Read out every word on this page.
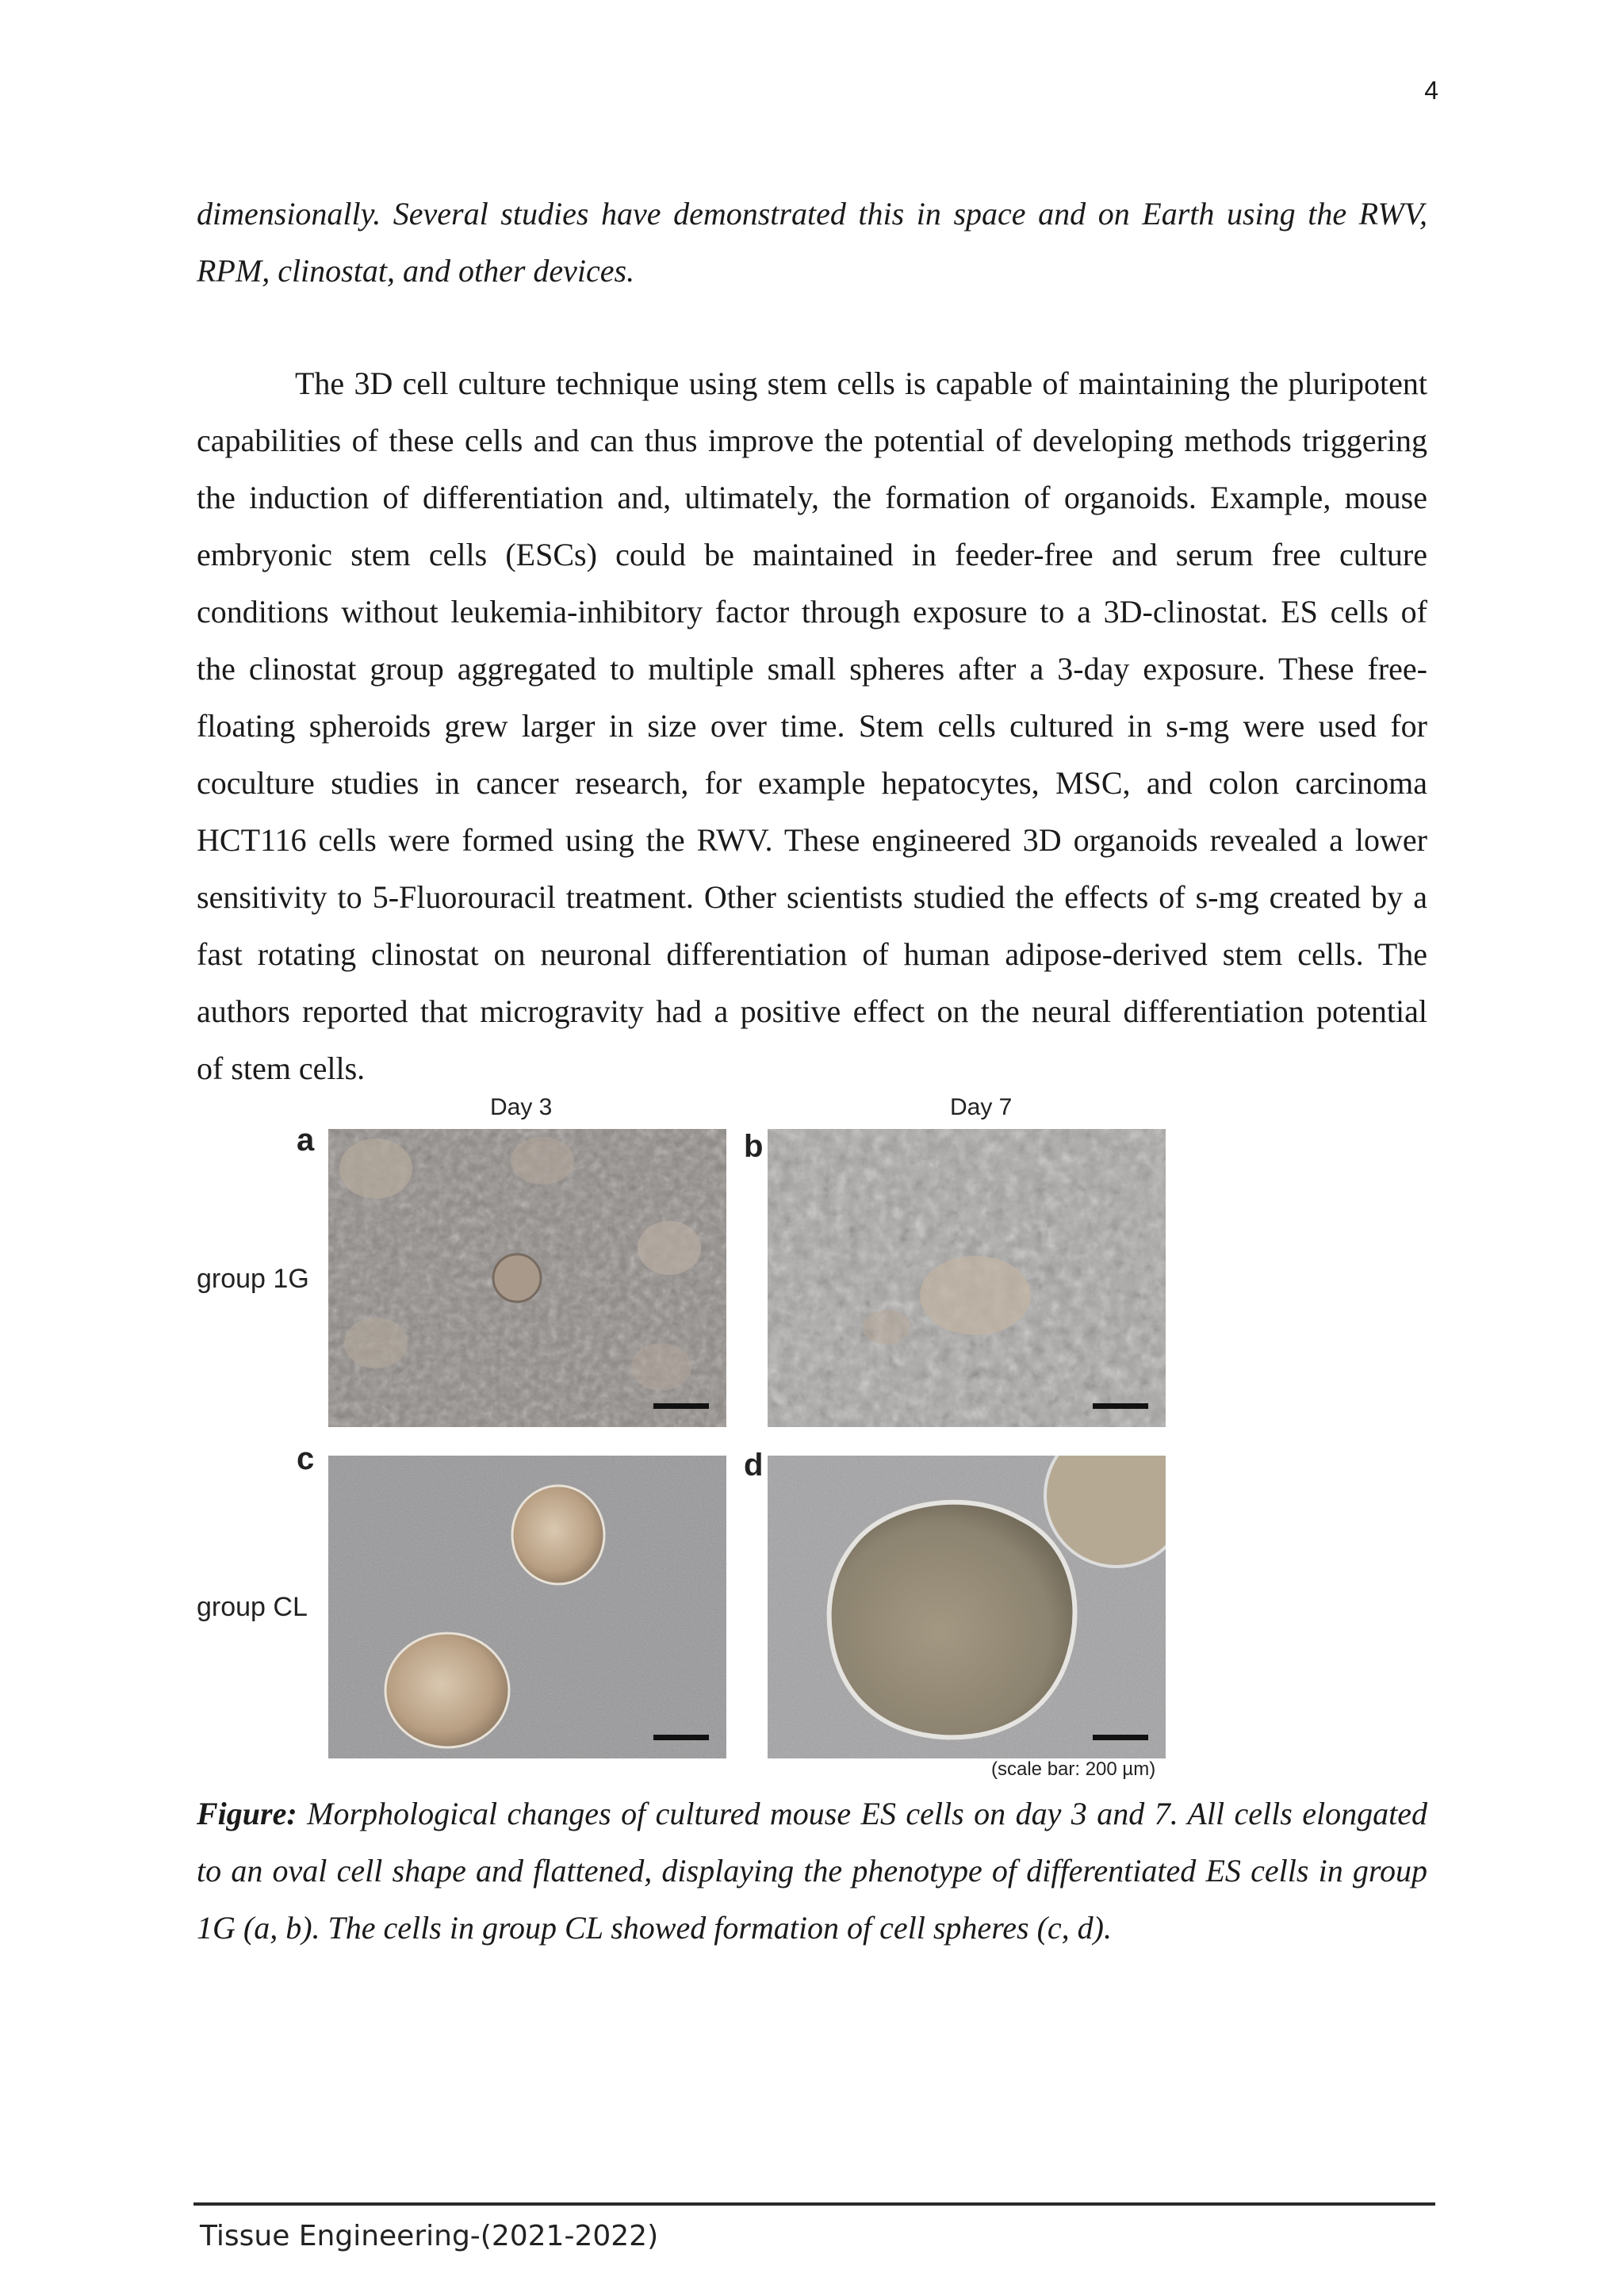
4
dimensionally. Several studies have demonstrated this in space and on Earth using the RWV,
RPM, clinostat, and other devices.
The 3D cell culture technique using stem cells is capable of maintaining the pluripotent
capabilities of these cells and can thus improve the potential of developing methods triggering
the induction of differentiation and, ultimately, the formation of organoids. Example, mouse
embryonic stem cells (ESCs) could be maintained in feeder-free and serum free culture
conditions without leukemia-inhibitory factor through exposure to a 3D-clinostat. ES cells of
the clinostat group aggregated to multiple small spheres after a 3-day exposure. These free-
floating spheroids grew larger in size over time. Stem cells cultured in s-mg were used for
coculture studies in cancer research, for example hepatocytes, MSC, and colon carcinoma
HCT116 cells were formed using the RWV. These engineered 3D organoids revealed a lower
sensitivity to 5-Fluorouracil treatment. Other scientists studied the effects of s-mg created by a
fast rotating clinostat on neuronal differentiation of human adipose-derived stem cells. The
authors reported that microgravity had a positive effect on the neural differentiation potential
of stem cells.
Day 3	Day 7
a	b
c	d
group 1G
group CL
(scale bar: 200 µm)
Figure: Morphological changes of cultured mouse ES cells on day 3 and 7. All cells elongated
to an oval cell shape and flattened, displaying the phenotype of differentiated ES cells in group
1G (a, b). The cells in group CL showed formation of cell spheres (c, d).
Tissue Engineering-(2021-2022)
